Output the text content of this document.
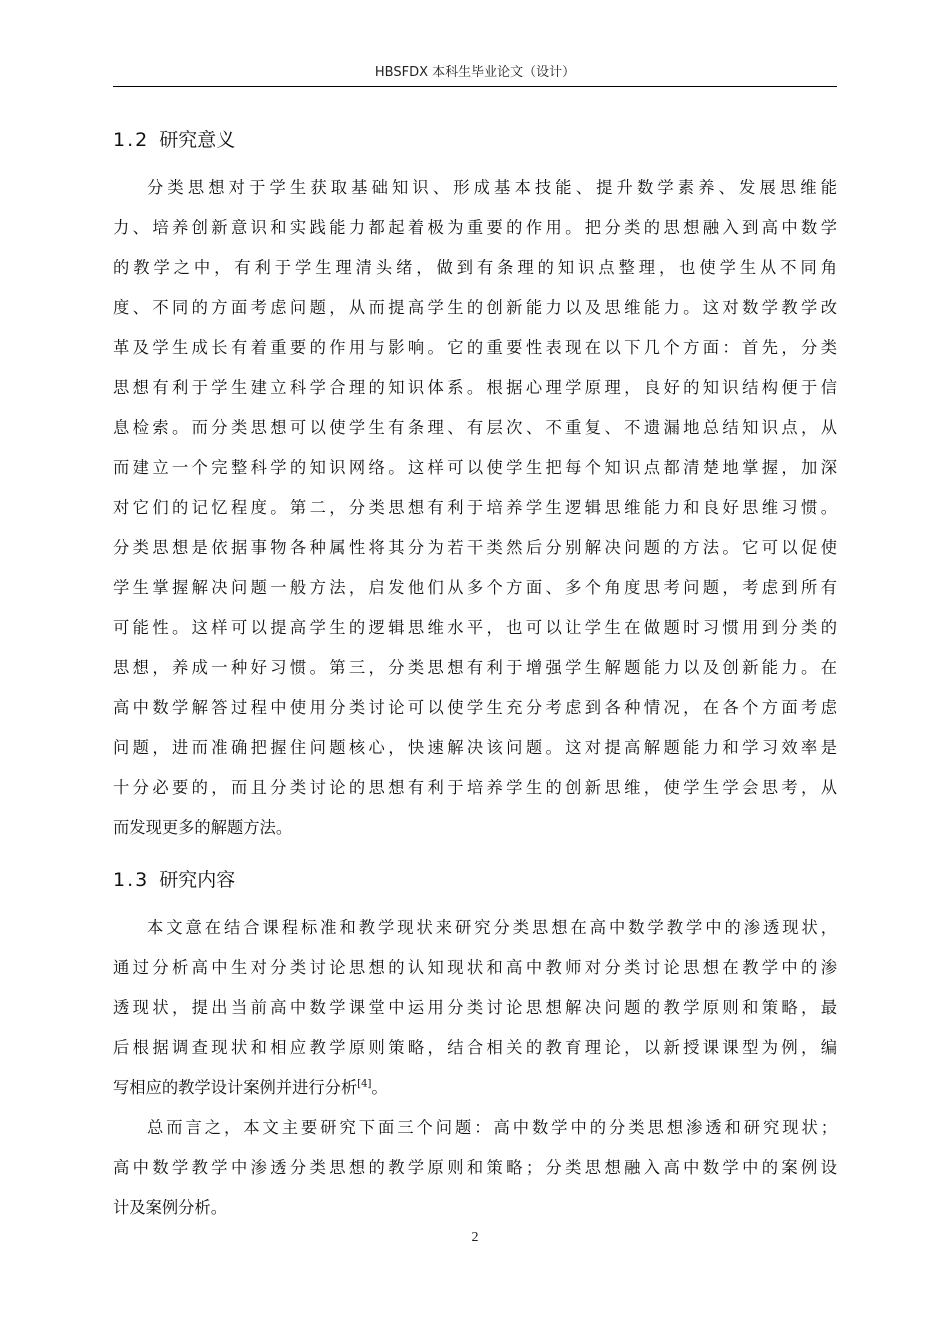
HBSFDX 本科生毕业论文（设计）
1.2 研究意义
分类思想对于学生获取基础知识、形成基本技能、提升数学素养、发展思维能
力、培养创新意识和实践能力都起着极为重要的作用。把分类的思想融入到高中数学
的教学之中，有利于学生理清头绪，做到有条理的知识点整理，也使学生从不同角
度、不同的方面考虑问题，从而提高学生的创新能力以及思维能力。这对数学教学改
革及学生成长有着重要的作用与影响。它的重要性表现在以下几个方面：首先，分类
思想有利于学生建立科学合理的知识体系。根据心理学原理，良好的知识结构便于信
息检索。而分类思想可以使学生有条理、有层次、不重复、不遗漏地总结知识点，从
而建立一个完整科学的知识网络。这样可以使学生把每个知识点都清楚地掌握，加深
对它们的记忆程度。第二，分类思想有利于培养学生逻辑思维能力和良好思维习惯。
分类思想是依据事物各种属性将其分为若干类然后分别解决问题的方法。它可以促使
学生掌握解决问题一般方法，启发他们从多个方面、多个角度思考问题，考虑到所有
可能性。这样可以提高学生的逻辑思维水平，也可以让学生在做题时习惯用到分类的
思想，养成一种好习惯。第三，分类思想有利于增强学生解题能力以及创新能力。在
高中数学解答过程中使用分类讨论可以使学生充分考虑到各种情况，在各个方面考虑
问题，进而准确把握住问题核心，快速解决该问题。这对提高解题能力和学习效率是
十分必要的，而且分类讨论的思想有利于培养学生的创新思维，使学生学会思考，从
而发现更多的解题方法。
1.3 研究内容
本文意在结合课程标准和教学现状来研究分类思想在高中数学教学中的渗透现状，
通过分析高中生对分类讨论思想的认知现状和高中教师对分类讨论思想在教学中的渗
透现状，提出当前高中数学课堂中运用分类讨论思想解决问题的教学原则和策略，最
后根据调查现状和相应教学原则策略，结合相关的教育理论，以新授课课型为例，编
写相应的教学设计案例并进行分析[4]。
总而言之，本文主要研究下面三个问题：高中数学中的分类思想渗透和研究现状；
高中数学教学中渗透分类思想的教学原则和策略；分类思想融入高中数学中的案例设
计及案例分析。
2
